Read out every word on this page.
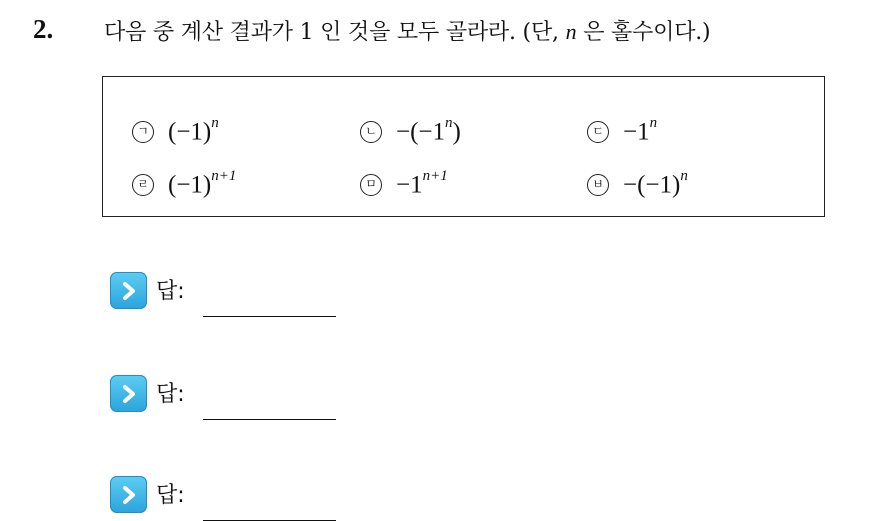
2. 다음 중 계산 결과가 1 인 것을 모두 골라라. (단, n 은 홀수이다.)
ㄱ $(-1)^n$
ㄴ $-(-1^n)$	ㄷ $-1^n$
ㄹ $(-1)^{n+1}$
ㅁ $-1^{n+1}$
ㅂ $-(-1)^n$
답:
답:
답:
